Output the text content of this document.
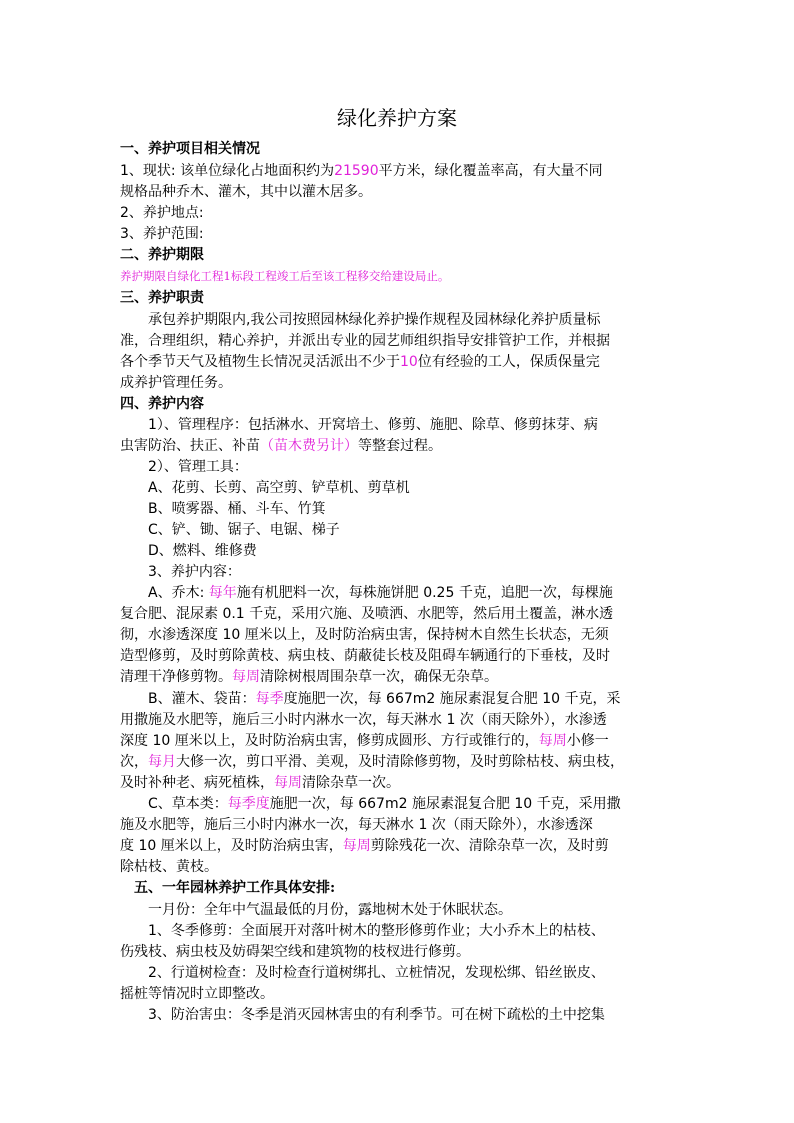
绿化养护方案
一、养护项目相关情况
1、现状: 该单位绿化占地面积约为21590平方米，绿化覆盖率高，有大量不同
规格品种乔木、灌木，其中以灌木居多。
2、养护地点:
3、养护范围:
二、养护期限
养护期限自绿化工程1标段工程竣工后至该工程移交给建设局止。
三、养护职责
承包养护期限内,我公司按照园林绿化养护操作规程及园林绿化养护质量标
准，合理组织，精心养护，并派出专业的园艺师组织指导安排管护工作，并根据
各个季节天气及植物生长情况灵活派出不少于10位有经验的工人，保质保量完
成养护管理任务。
四、养护内容
1）、管理程序：包括淋水、开窝培土、修剪、施肥、除草、修剪抹芽、病
虫害防治、扶正、补苗（苗木费另计）等整套过程。
2）、管理工具：
A、花剪、长剪、高空剪、铲草机、剪草机
B、喷雾器、桶、斗车、竹箕
C、铲、锄、锯子、电锯、梯子
D、燃料、维修费
3、养护内容：
A、乔木: 每年施有机肥料一次，每株施饼肥 0.25 千克，追肥一次，每棵施
复合肥、混尿素 0.1 千克，采用穴施、及喷洒、水肥等，然后用土覆盖，淋水透
彻，水渗透深度 10 厘米以上，及时防治病虫害，保持树木自然生长状态，无须
造型修剪，及时剪除黄枝、病虫枝、荫蔽徒长枝及阻碍车辆通行的下垂枝，及时
清理干净修剪物。每周清除树根周围杂草一次，确保无杂草。
B、灌木、袋苗：每季度施肥一次，每 667m2 施尿素混复合肥 10 千克，采
用撒施及水肥等，施后三小时内淋水一次，每天淋水 1 次（雨天除外），水渗透
深度 10 厘米以上，及时防治病虫害，修剪成圆形、方行或锥行的，每周小修一
次，每月大修一次，剪口平滑、美观，及时清除修剪物，及时剪除枯枝、病虫枝，
及时补种老、病死植株，每周清除杂草一次。
C、草本类：每季度施肥一次，每 667m2 施尿素混复合肥 10 千克，采用撒
施及水肥等，施后三小时内淋水一次，每天淋水 1 次（雨天除外），水渗透深
度 10 厘米以上，及时防治病虫害，每周剪除残花一次、清除杂草一次，及时剪
除枯枝、黄枝。
五、一年园林养护工作具体安排:
一月份：全年中气温最低的月份，露地树木处于休眠状态。
1、冬季修剪：全面展开对落叶树木的整形修剪作业；大小乔木上的枯枝、
伤残枝、病虫枝及妨碍架空线和建筑物的枝杈进行修剪。
2、行道树检查：及时检查行道树绑扎、立桩情况，发现松绑、铅丝嵌皮、
摇桩等情况时立即整改。
3、防治害虫：冬季是消灭园林害虫的有利季节。可在树下疏松的土中挖集
